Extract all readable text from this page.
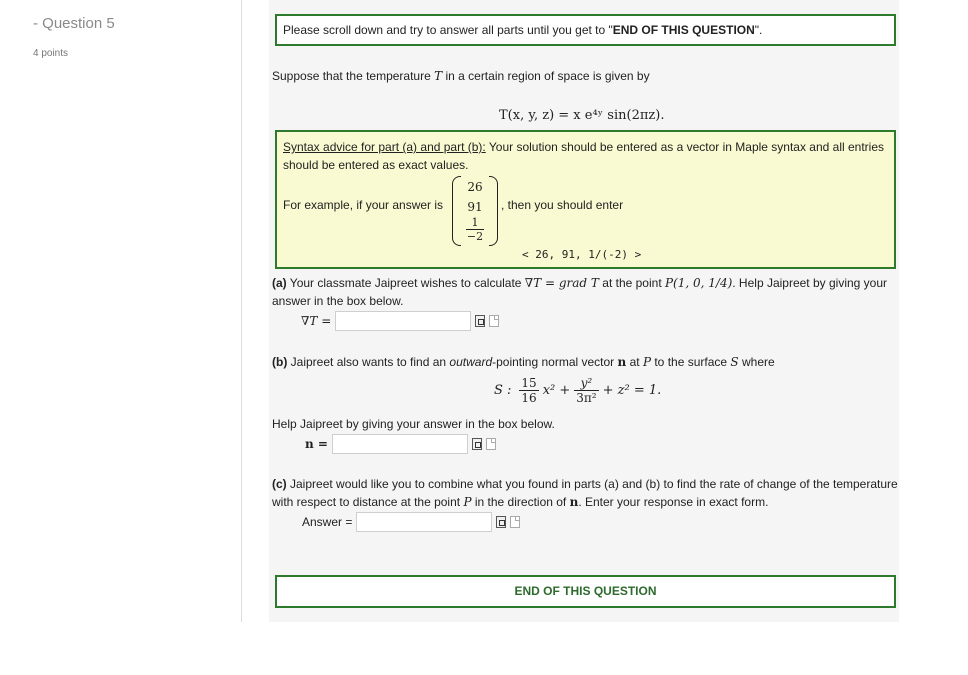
- Question 5
4 points
Please scroll down and try to answer all parts until you get to "END OF THIS QUESTION".
Suppose that the temperature T in a certain region of space is given by
T(x, y, z) = x e⁴ʸ sin(2πz).
Syntax advice for part (a) and part (b): Your solution should be entered as a vector in Maple syntax and all entries should be entered as exact values.
For example, if your answer is
26
91
1
−2
, then you should enter
< 26, 91, 1/(-2) >
(a) Your classmate Jaipreet wishes to calculate ∇T = grad T at the point P(1, 0, 1/4). Help Jaipreet by giving your answer in the box below.
∇T =
(b) Jaipreet also wants to find an outward-pointing normal vector n at P to the surface S where
S : $\frac{15}{16} x^2 + \frac{\text{y²}}{\text{3π²}} + z^2 = 1$.
Help Jaipreet by giving your answer in the box below.
n =
(c) Jaipreet would like you to combine what you found in parts (a) and (b) to find the rate of change of the temperature with respect to distance at the point P in the direction of n. Enter your response in exact form.
Answer =
END OF THIS QUESTION
